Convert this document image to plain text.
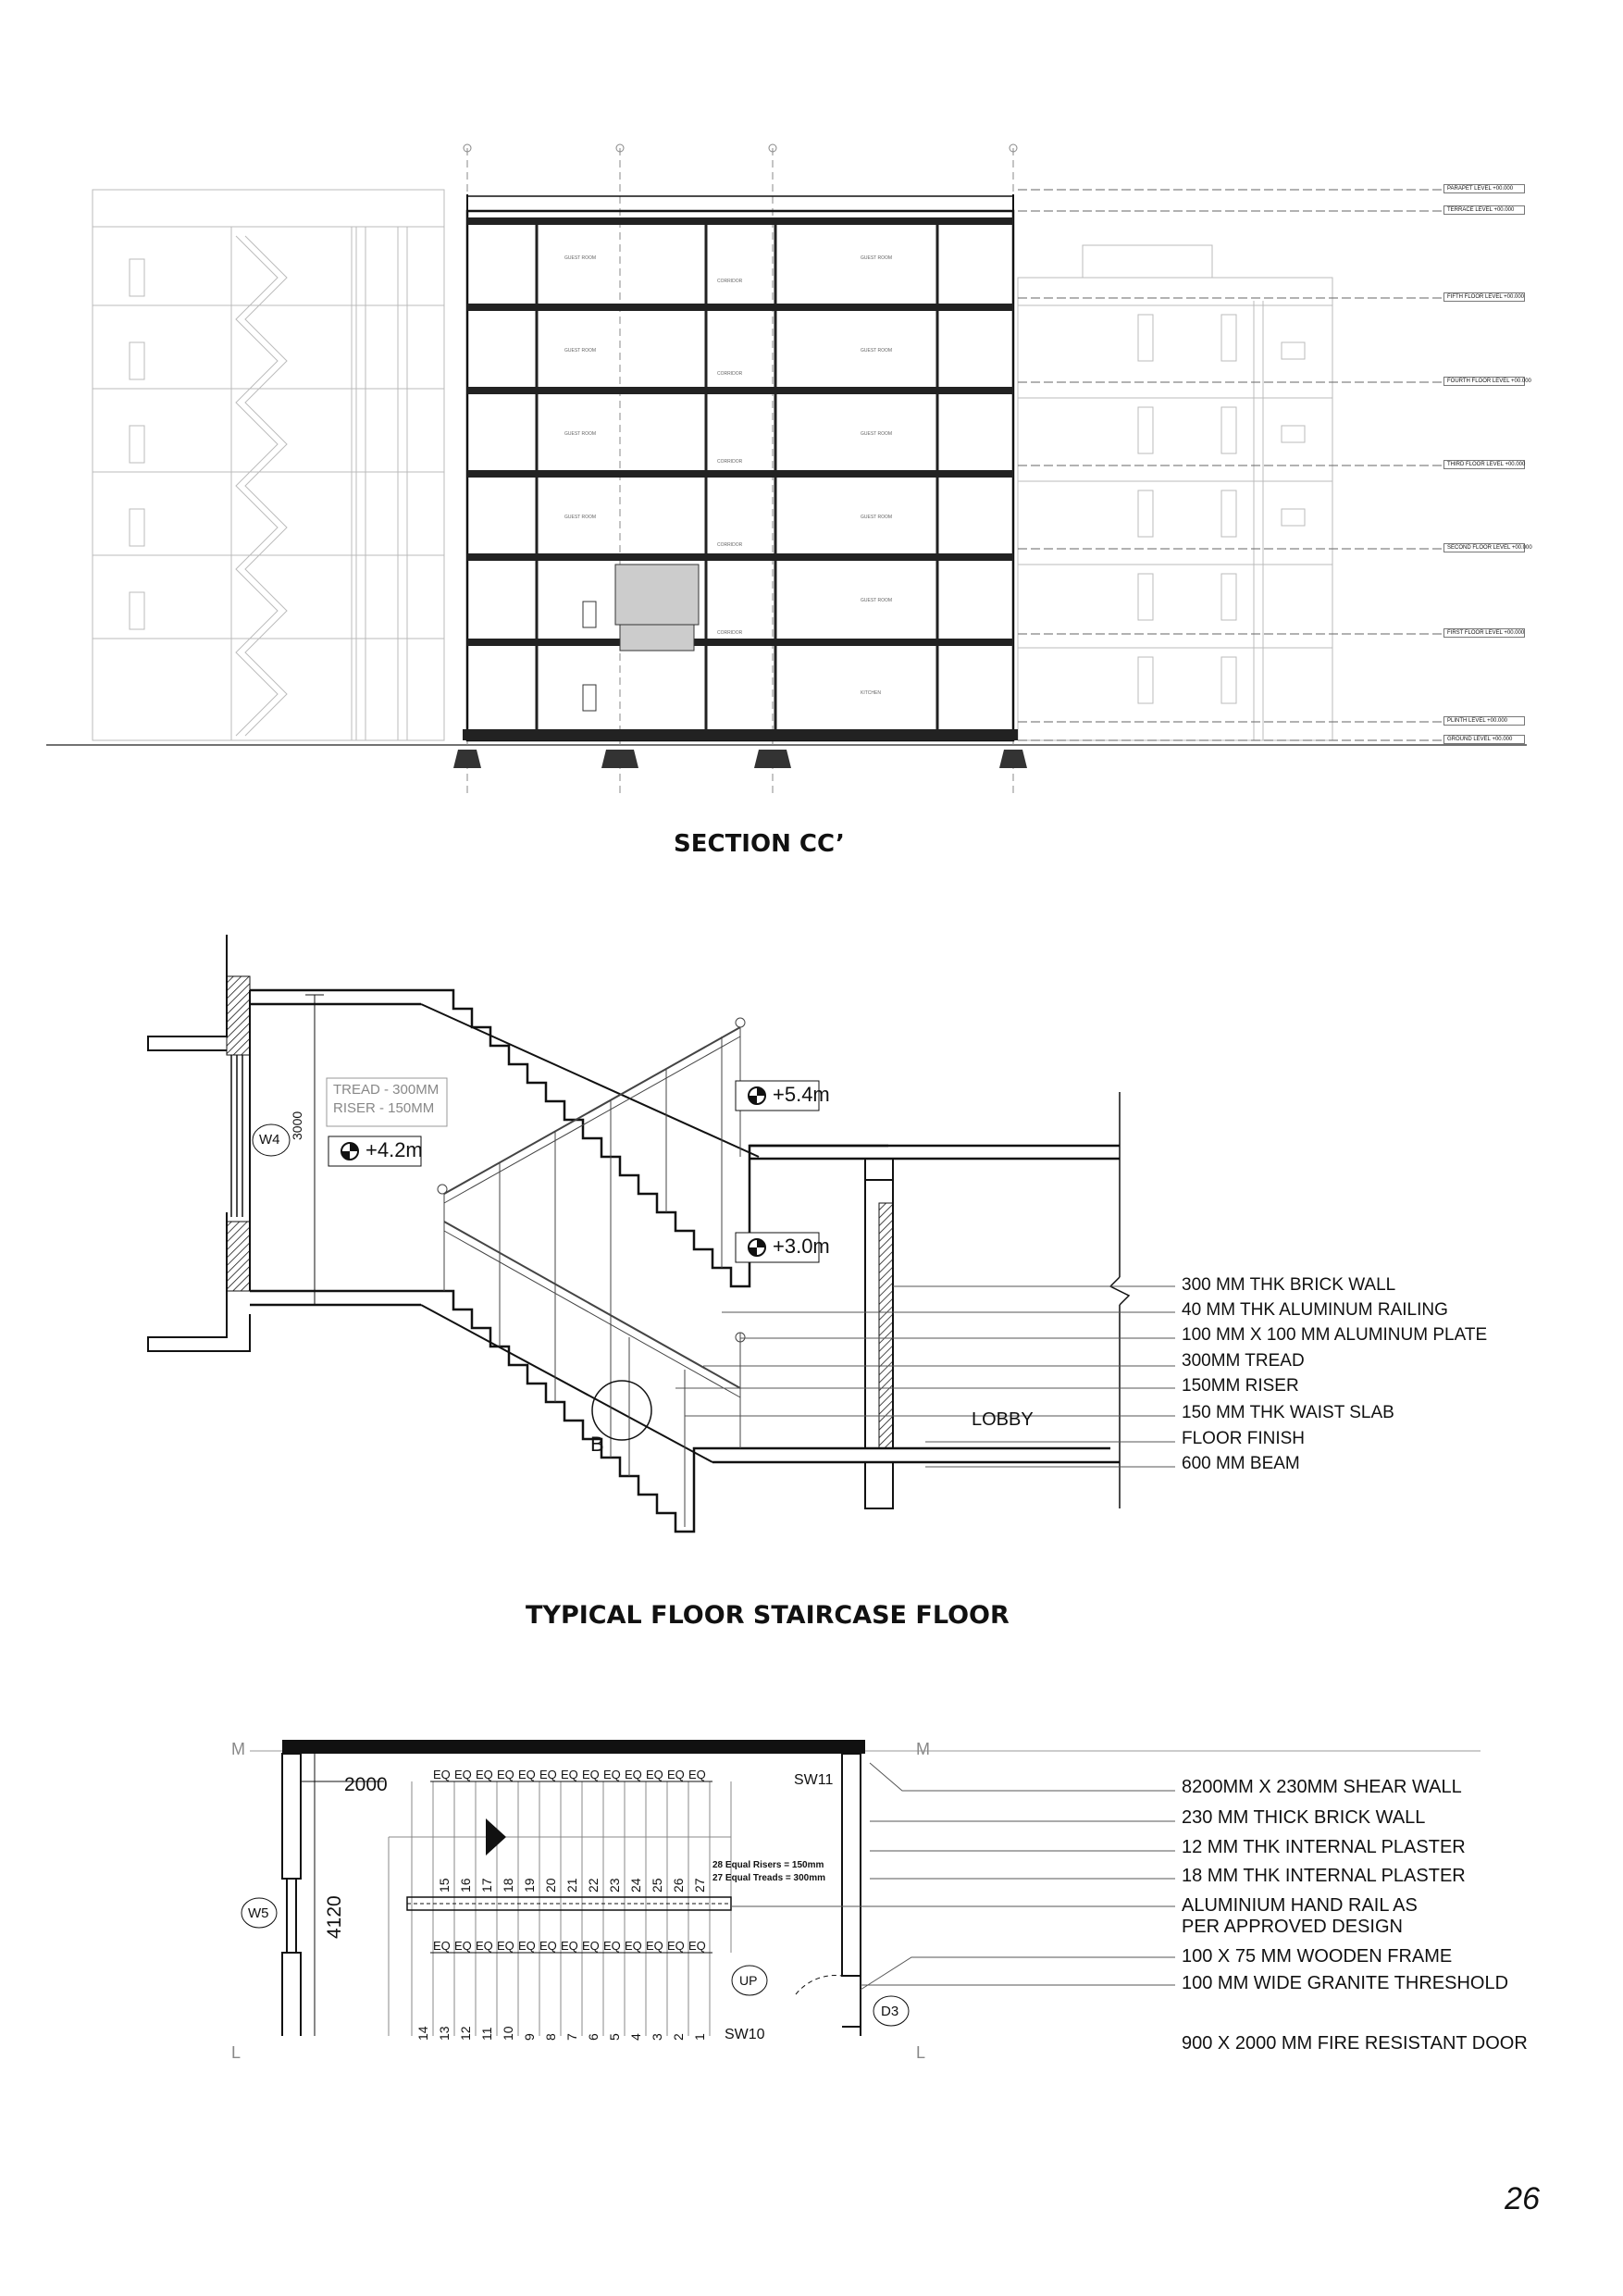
GUEST ROOM	GUEST ROOM
GUEST ROOM	GUEST ROOM
GUEST ROOM	GUEST ROOM
GUEST ROOM	GUEST ROOM
GUEST ROOM
KITCHEN
CORRIDOR
CORRIDOR
CORRIDOR
CORRIDOR
CORRIDOR
PARAPET LEVEL +00.000
TERRACE LEVEL +00.000
FIFTH FLOOR LEVEL +00.000
FOURTH FLOOR LEVEL +00.000
THIRD FLOOR LEVEL +00.000
SECOND FLOOR LEVEL +00.000
FIRST FLOOR LEVEL +00.000
PLINTH LEVEL +00.000
GROUND LEVEL +00.000
SECTION CC’
TREAD - 300MM
RISER - 150MM
W4 3000
+4.2m
+5.4m
+3.0m
LOBBY
B
300 MM THK BRICK WALL
40 MM THK ALUMINUM RAILING
100 MM X 100 MM ALUMINUM PLATE
300MM TREAD
150MM RISER
150 MM THK WAIST SLAB
FLOOR FINISH
600 MM BEAM
TYPICAL FLOOR STAIRCASE FLOOR
M	M
L	L
2000
4120
W5
SW11
SW10
D3
UP
28 Equal Risers = 150mm
27 Equal Treads = 300mm
EQ EQ EQ EQ EQ EQ EQ EQ EQ EQ EQ EQ EQ
EQ EQ EQ EQ EQ EQ EQ EQ EQ EQ EQ EQ EQ
15 16 17 18 19 20 21 22 23 24 25 26 27
14 13 12 11 10 9 8 7 6 5 4 3 2 1
8200MM X 230MM SHEAR WALL
230 MM THICK BRICK WALL
12 MM THK INTERNAL PLASTER
18 MM THK INTERNAL PLASTER
ALUMINIUM HAND RAIL AS
PER APPROVED DESIGN
100 X 75 MM WOODEN FRAME
100 MM WIDE GRANITE THRESHOLD
900 X 2000 MM FIRE RESISTANT DOOR
26
